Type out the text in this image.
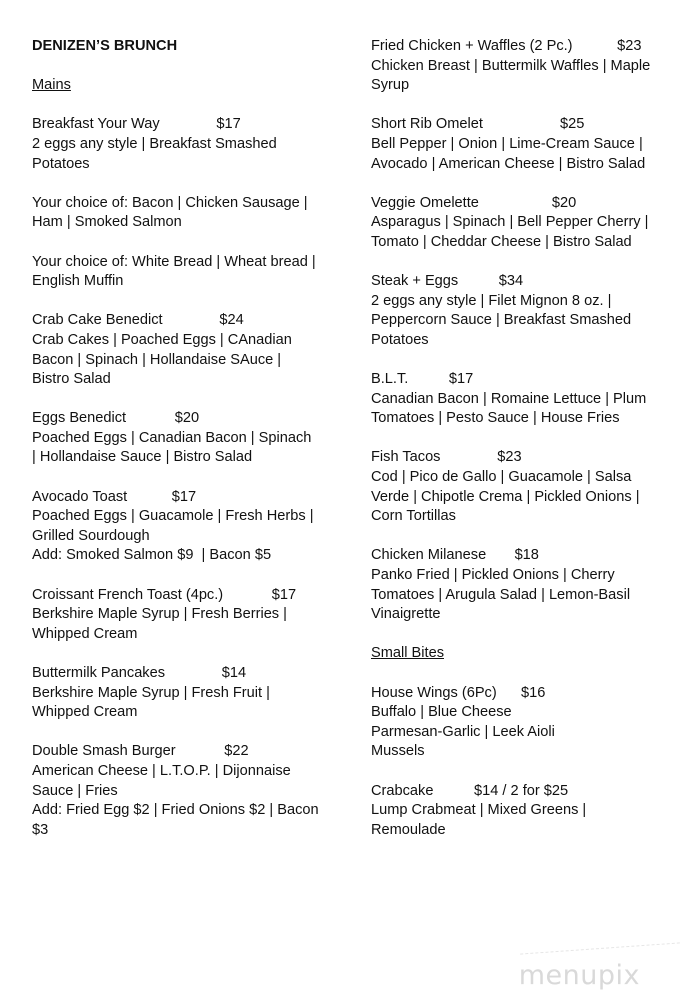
DENIZEN’S BRUNCH
Mains
Breakfast Your Way              $17
2 eggs any style | Breakfast Smashed
Potatoes
Your choice of: Bacon | Chicken Sausage |
Ham | Smoked Salmon
Your choice of: White Bread | Wheat bread |
English Muffin
Crab Cake Benedict              $24
Crab Cakes | Poached Eggs | CAnadian
Bacon | Spinach | Hollandaise SAuce |
Bistro Salad
Eggs Benedict            $20
Poached Eggs | Canadian Bacon | Spinach
| Hollandaise Sauce | Bistro Salad
Avocado Toast           $17
Poached Eggs | Guacamole | Fresh Herbs |
Grilled Sourdough
Add: Smoked Salmon $9  | Bacon $5
Croissant French Toast (4pc.)            $17
Berkshire Maple Syrup | Fresh Berries |
Whipped Cream
Buttermilk Pancakes              $14
Berkshire Maple Syrup | Fresh Fruit |
Whipped Cream
Double Smash Burger            $22
American Cheese | L.T.O.P. | Dijonnaise
Sauce | Fries
Add: Fried Egg $2 | Fried Onions $2 | Bacon
$3
Fried Chicken + Waffles (2 Pc.)           $23
Chicken Breast | Buttermilk Waffles | Maple
Syrup
Short Rib Omelet                   $25
Bell Pepper | Onion | Lime-Cream Sauce |
Avocado | American Cheese | Bistro Salad
Veggie Omelette                  $20
Asparagus | Spinach | Bell Pepper Cherry |
Tomato | Cheddar Cheese | Bistro Salad
Steak + Eggs          $34
2 eggs any style | Filet Mignon 8 oz. |
Peppercorn Sauce | Breakfast Smashed
Potatoes
B.L.T.          $17
Canadian Bacon | Romaine Lettuce | Plum
Tomatoes | Pesto Sauce | House Fries
Fish Tacos              $23
Cod | Pico de Gallo | Guacamole | Salsa
Verde | Chipotle Crema | Pickled Onions |
Corn Tortillas
Chicken Milanese       $18
Panko Fried | Pickled Onions | Cherry
Tomatoes | Arugula Salad | Lemon-Basil
Vinaigrette
Small Bites
House Wings (6Pc)      $16
Buffalo | Blue Cheese
Parmesan-Garlic | Leek Aioli
Mussels
Crabcake          $14 / 2 for $25
Lump Crabmeat | Mixed Greens |
Remoulade
menupix
